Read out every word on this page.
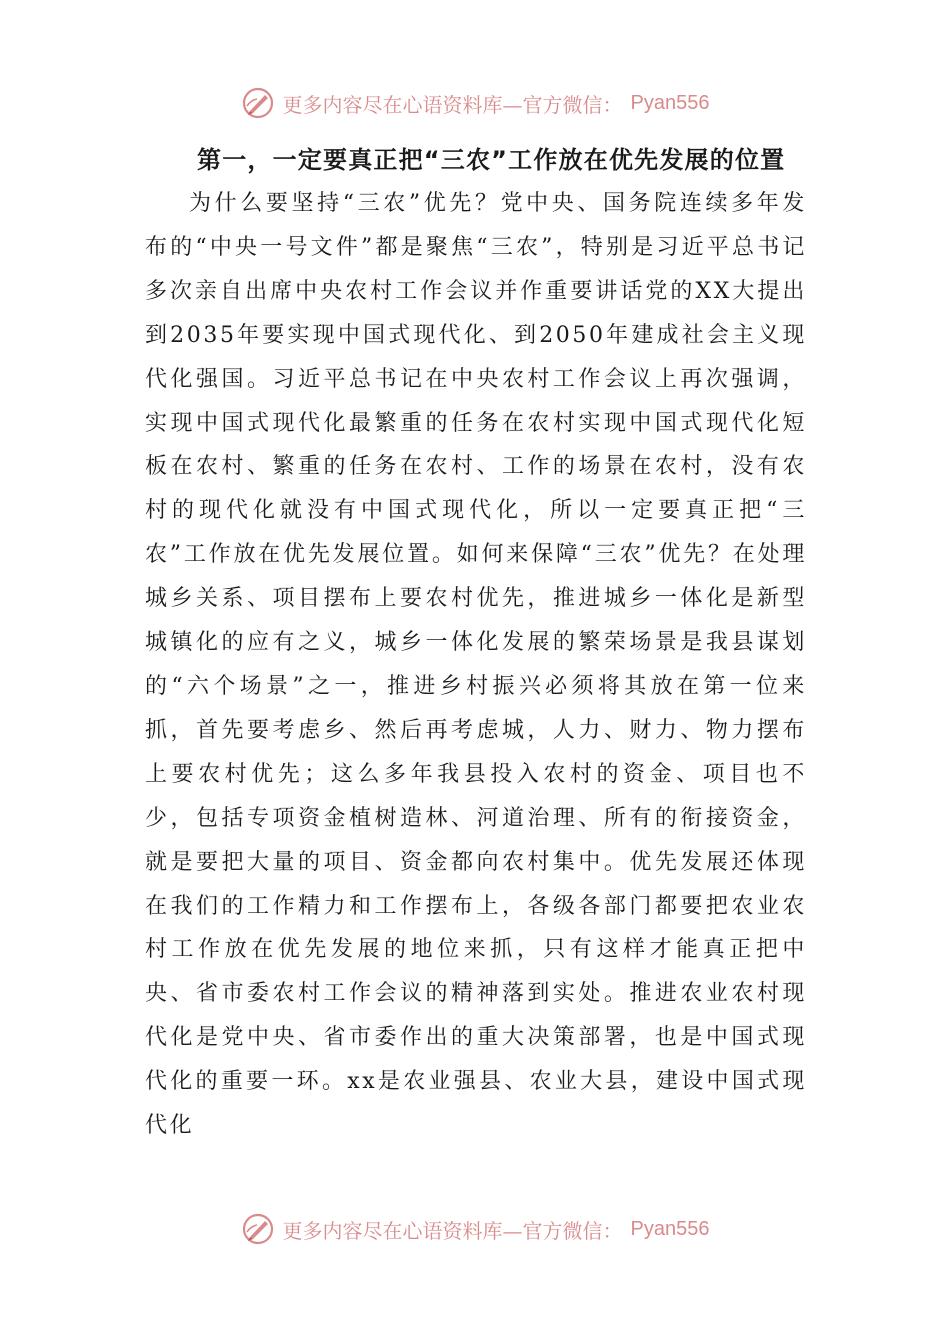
更多内容尽在心语资料库—官方微信： Pyan556
第一，一定要真正把“三农”工作放在优先发展的位置

为什么要坚持“三农”优先？党中央、国务院连续多年发布的“中央一号文件”都是聚焦“三农”，特别是习近平总书记多次亲自出席中央农村工作会议并作重要讲话党的XX大提出到2035年要实现中国式现代化、到2050年建成社会主义现代化强国。习近平总书记在中央农村工作会议上再次强调，实现中国式现代化最繁重的任务在农村实现中国式现代化短板在农村、繁重的任务在农村、工作的场景在农村，没有农村的现代化就没有中国式现代化，所以一定要真正把“三农”工作放在优先发展位置。如何来保障“三农”优先？在处理城乡关系、项目摆布上要农村优先，推进城乡一体化是新型城镇化的应有之义，城乡一体化发展的繁荣场景是我县谋划的“六个场景”之一，推进乡村振兴必须将其放在第一位来抓，首先要考虑乡、然后再考虑城，人力、财力、物力摆布上要农村优先；这么多年我县投入农村的资金、项目也不少，包括专项资金植树造林、河道治理、所有的衔接资金，就是要把大量的项目、资金都向农村集中。优先发展还体现在我们的工作精力和工作摆布上，各级各部门都要把农业农村工作放在优先发展的地位来抓，只有这样才能真正把中央、省市委农村工作会议的精神落到实处。推进农业农村现代化是党中央、省市委作出的重大决策部署，也是中国式现代化的重要一环。xx是农业强县、农业大县，建设中国式现代化

更多内容尽在心语资料库—官方微信： Pyan556
